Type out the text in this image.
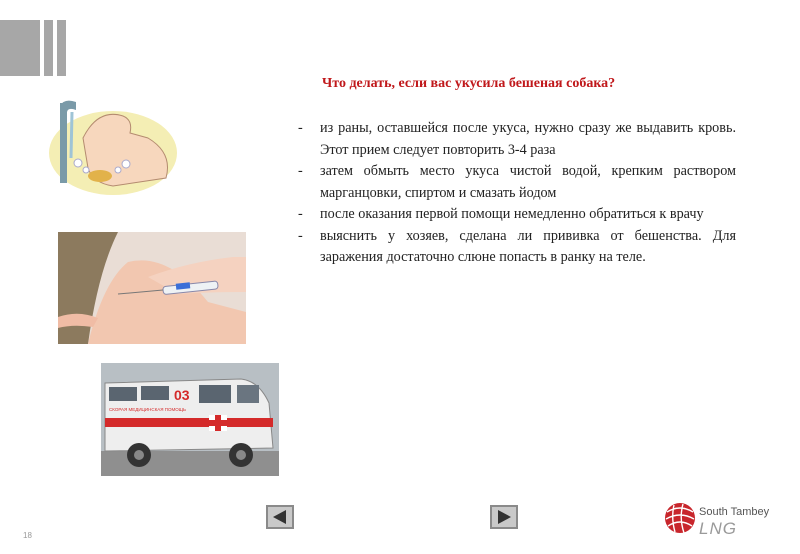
Что делать, если вас укусила бешеная собака?
- из раны, оставшейся после укуса, нужно сразу же выдавить кровь. Этот прием следует повторить 3-4 раза
- затем обмыть место укуса чистой водой, крепким раствором марганцовки, спиртом и смазать йодом
- после оказания первой помощи немедленно обратиться к врачу
- выяснить у хозяев, сделана ли прививка от бешенства. Для заражения достаточно слюне попасть в ранку на теле.
03
СКОРАЯ МЕДИЦИНСКАЯ ПОМОЩЬ
18
South Tambey
LNG
